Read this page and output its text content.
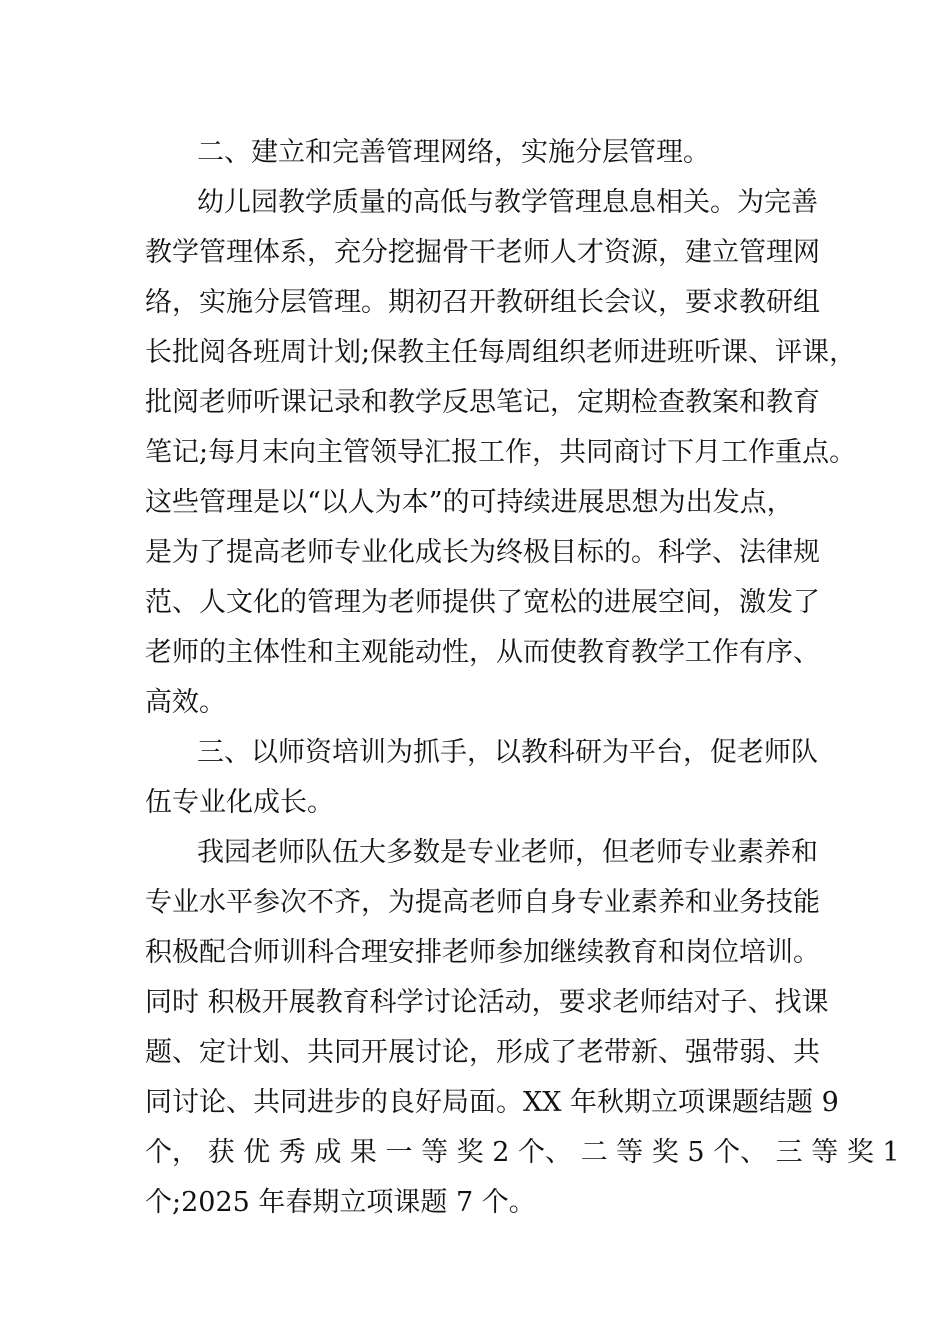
二、建立和完善管理网络，实施分层管理。
幼儿园教学质量的高低与教学管理息息相关。为完善
教学管理体系，充分挖掘骨干老师人才资源，建立管理网
络，实施分层管理。期初召开教研组长会议，要求教研组
长批阅各班周计划;保教主任每周组织老师进班听课、评课，
批阅老师听课记录和教学反思笔记，定期检查教案和教育
笔记;每月末向主管领导汇报工作，共同商讨下月工作重点。
这些管理是以“以人为本”的可持续进展思想为出发点，
是为了提高老师专业化成长为终极目标的。科学、法律规
范、人文化的管理为老师提供了宽松的进展空间，激发了
老师的主体性和主观能动性，从而使教育教学工作有序、
高效。
三、以师资培训为抓手，以教科研为平台，促老师队
伍专业化成长。
我园老师队伍大多数是专业老师，但老师专业素养和
专业水平参次不齐，为提高老师自身专业素养和业务技能
积极配合师训科合理安排老师参加继续教育和岗位培训。
同时 积极开展教育科学讨论活动，要求老师结对子、找课
题、定计划、共同开展讨论，形成了老带新、强带弱、共
同讨论、共同进步的良好局面。XX 年秋期立项课题结题 9
个， 获 优 秀 成 果 一 等 奖 2 个、 二 等 奖 5 个、 三 等 奖 1
个;2025 年春期立项课题 7 个。
